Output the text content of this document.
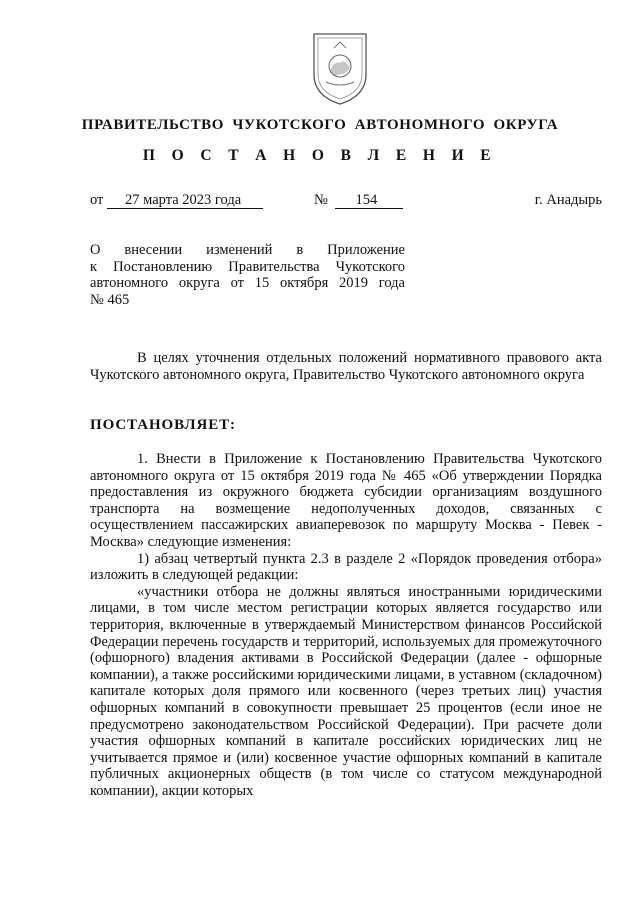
ПРАВИТЕЛЬСТВО ЧУКОТСКОГО АВТОНОМНОГО ОКРУГА
П О С Т А Н О В Л Е Н И Е
от 27 марта 2023 года	№ 154	г. Анадырь
О внесении изменений в Приложение
к Постановлению Правительства Чукотского
автономного округа от 15 октября 2019 года
№ 465

В целях уточнения отдельных положений нормативного правового акта Чукотского автономного округа, Правительство Чукотского автономного округа

ПОСТАНОВЛЯЕТ:

1. Внести в Приложение к Постановлению Правительства Чукотского автономного округа от 15 октября 2019 года № 465 «Об утверждении Порядка предоставления из окружного бюджета субсидии организациям воздушного транспорта на возмещение недополученных доходов, связанных с осуществлением пассажирских авиаперевозок по маршруту Москва - Певек - Москва» следующие изменения:

1) абзац четвертый пункта 2.3 в разделе 2 «Порядок проведения отбора» изложить в следующей редакции:

«участники отбора не должны являться иностранными юридическими лицами, в том числе местом регистрации которых является государство или территория, включенные в утверждаемый Министерством финансов Российской Федерации перечень государств и территорий, используемых для промежуточного (офшорного) владения активами в Российской Федерации (далее - офшорные компании), а также российскими юридическими лицами, в уставном (складочном) капитале которых доля прямого или косвенного (через третьих лиц) участия офшорных компаний в совокупности превышает 25 процентов (если иное не предусмотрено законодательством Российской Федерации). При расчете доли участия офшорных компаний в капитале российских юридических лиц не учитывается прямое и (или) косвенное участие офшорных компаний в капитале публичных акционерных обществ (в том числе со статусом международной компании), акции которых
